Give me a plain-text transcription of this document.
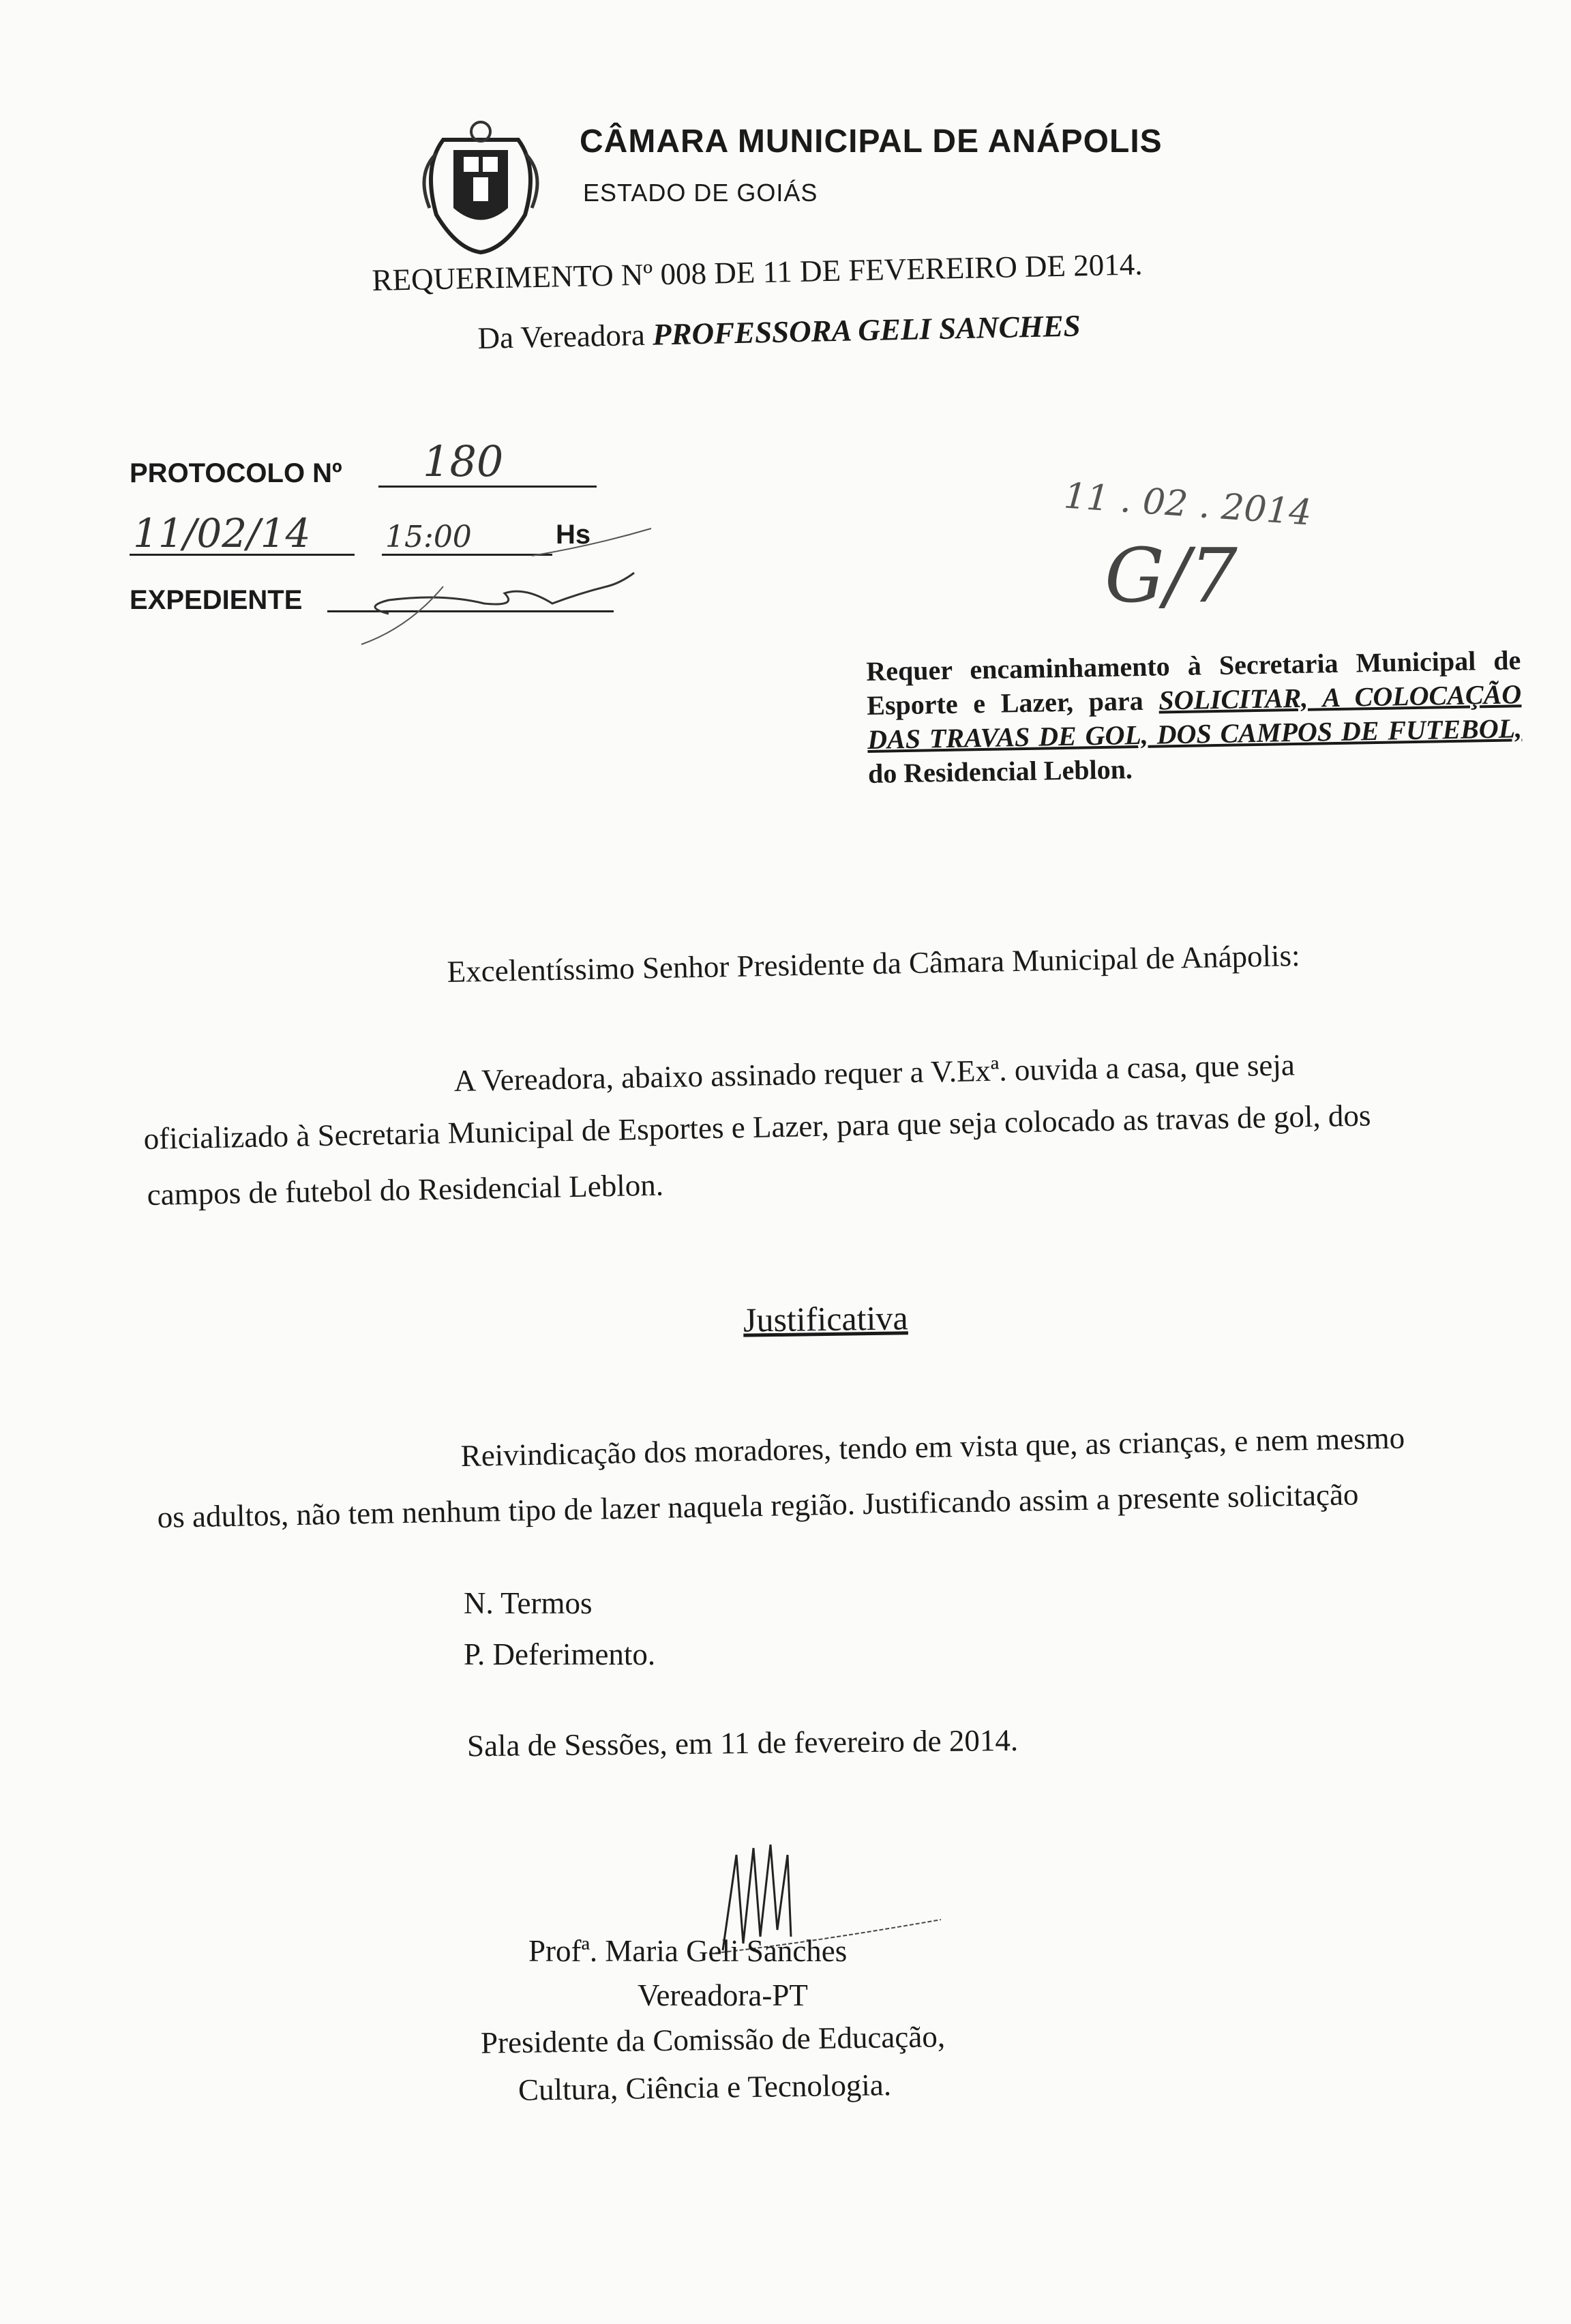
CÂMARA MUNICIPAL DE ANÁPOLIS
ESTADO DE GOIÁS
REQUERIMENTO Nº 008 DE 11 DE FEVEREIRO DE 2014.
Da Vereadora PROFESSORA GELI SANCHES
PROTOCOLO Nº 180
11/02/14 15:00	Hs
EXPEDIENTE
11 . 02 . 2014
G/7
Requer encaminhamento à Secretaria Municipal de Esporte e Lazer, para SOLICITAR, A COLOCAÇÃO DAS TRAVAS DE GOL, DOS CAMPOS DE FUTEBOL, do Residencial Leblon.
Excelentíssimo Senhor Presidente da Câmara Municipal de Anápolis:
A Vereadora, abaixo assinado requer a V.Exª. ouvida a casa, que seja
oficializado à Secretaria Municipal de Esportes e Lazer, para que seja colocado as travas de gol, dos
campos de futebol do Residencial Leblon.
Justificativa
Reivindicação dos moradores, tendo em vista que, as crianças, e nem mesmo
os adultos, não tem nenhum tipo de lazer naquela região. Justificando assim a presente solicitação
N. Termos
P. Deferimento.
Sala de Sessões, em 11 de fevereiro de 2014.
Profª. Maria Geli Sanches
Vereadora-PT
Presidente da Comissão de Educação,
Cultura, Ciência e Tecnologia.
